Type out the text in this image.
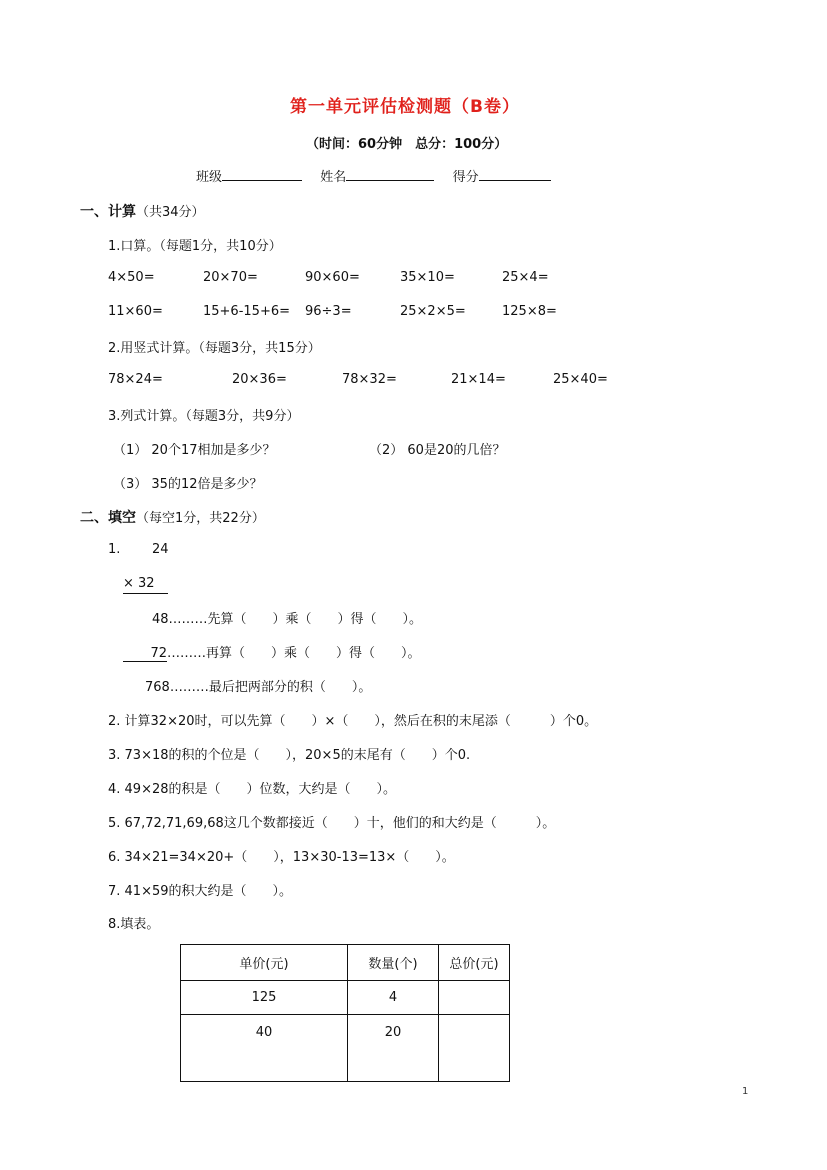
第一单元评估检测题（B卷）
（时间：60分钟　总分：100分）
班级	姓名	得分
一、计算（共34分）
1.口算。（每题1分，共10分）
4×50=	20×70=	90×60=	35×10=	25×4=
11×60=	15+6-15+6= 96÷3=	25×2×5=	125×8=
2.用竖式计算。（每题3分，共15分）
78×24=	20×36=	78×32=	21×14=	25×40=
3.列式计算。（每题3分，共9分）
（1） 20个17相加是多少？	（2） 60是20的几倍？
（3） 35的12倍是多少？
二、填空（每空1分，共22分）
1. 24
× 32
48………先算（　　）乘（　　）得（　　）。
72………再算（　　）乘（　　）得（　　）。
768………最后把两部分的积（　　）。
2. 计算32×20时，可以先算（　　）×（　　），然后在积的末尾添（　　　）个0。
3. 73×18的积的个位是（　　），20×5的末尾有（　　）个0.
4. 49×28的积是（　　）位数，大约是（　　）。
5. 67,72,71,69,68这几个数都接近（　　）十，他们的和大约是（　　　）。
6. 34×21=34×20+（　　），13×30-13=13×（　　）。
7. 41×59的积大约是（　　）。
8.填表。
单价(元)	数量(个)	总价(元)
125	4	
40	20	
1
